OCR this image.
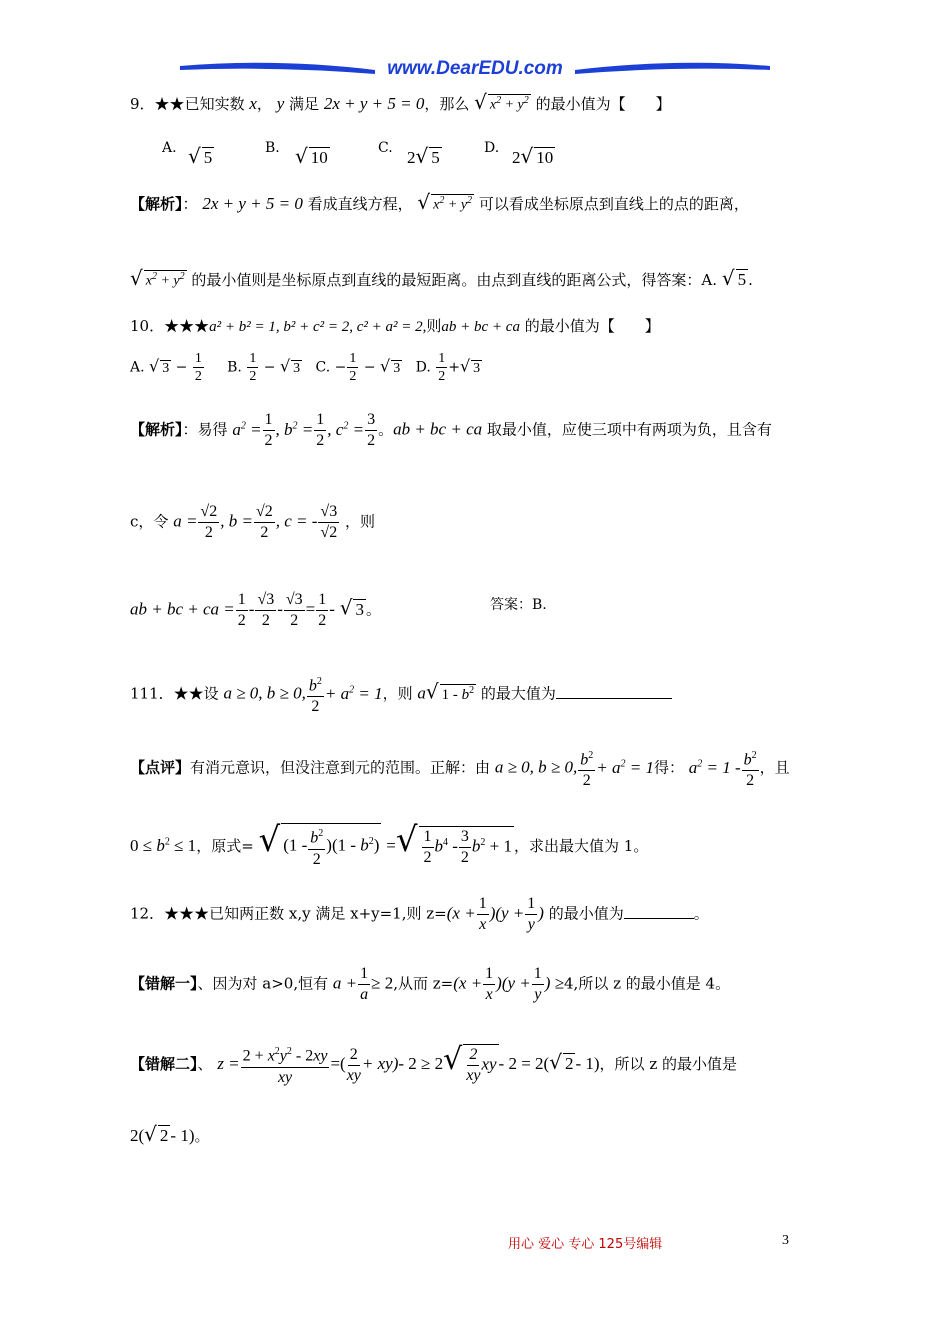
www.DearEDU.com
9．★★已知实数 x， y 满足 2x + y + 5 = 0，那么 √ $x^2 + y^2$ 的最小值为【　　】
A. √ 5	B. √ 10	C. 2√ 5	D. 2√ 10
【解析】： 2x + y + 5 = 0 看成直线方程， √ $x^2 + y^2$ 可以看成坐标原点到直线上的点的距离，
√ $x^2 + y^2$ 的最小值则是坐标原点到直线的最短距离。由点到直线的距离公式，得答案：A. √ 5 .
10．★★★a² + b² = 1, b² + c² = 2, c² + a² = 2,则ab + bc + ca 的最小值为【　　】
A. √ $3 - \frac{1}{2} B$. $\frac{1}{2}$ − √ 3 C. − $\frac{1}{2}$ − √ 3 D. $\frac{1}{2}$ +√ 3
【解析】：易得 $a^2 = \frac{1}{2}$ , $b^2 = \frac{1}{2}$ , $c^2 = \frac{3}{2}$ 。ab + bc + ca 取最小值，应使三项中有两项为负，且含有
c，令 $a = \frac{√2}{2}$ , $b = \frac{√2}{2}$ , c = - $\frac{√3}{√2}$ ，则
ab + bc + ca = $\frac{1}{2} - \frac{√3}{2} - \frac{√3}{2} = \frac{1}{2}$ - √ 3 。	答案：B.
111．★★设 a ≥ 0, b ≥ 0, $\frac{b^2}{2} + a^2 = 1$，则 a√ $1 - b^2$ 的最大值为
【点评】有消元意识，但没注意到元的范围。正解：由 a ≥ 0, b ≥ 0, $\frac{b^2}{2} + a^2 = 1$得： $a^2 = 1 - \frac{b^2}{2}$ ，且
$0 \le b^2 \le 1$，原式= √ $(1 - \frac{b^2}{2} )(1 - b^2)$ =√ $\frac{1}{2} b^4 - \frac{3}{2} b^2 + 1$ ，求出最大值为 1。
12．★★★已知两正数 x,y 满足 x+y=1,则 $z=(x + \frac{1}{x} )(y + \frac{1}{y}$ ) 的最小值为	。
【错解一】、因为对 a>0,恒有 $a + \frac{1}{a} \ge 2$,从而 $z=(x + \frac{1}{x} )(y + \frac{1}{y}$ ) ≥4,所以 z 的最小值是 4。
【错解二】、 $z = \frac{2 + x^2y^2 - 2xy}{xy}$ =( $\frac{2}{xy} + xy)-$ $2 \ge 2√ \frac{2}{xy}$ xy - 2 = 2(√ 2 - 1)，所以 z 的最小值是
2(√ 2 - 1)。
用心 爱心 专心 125号编辑	3
